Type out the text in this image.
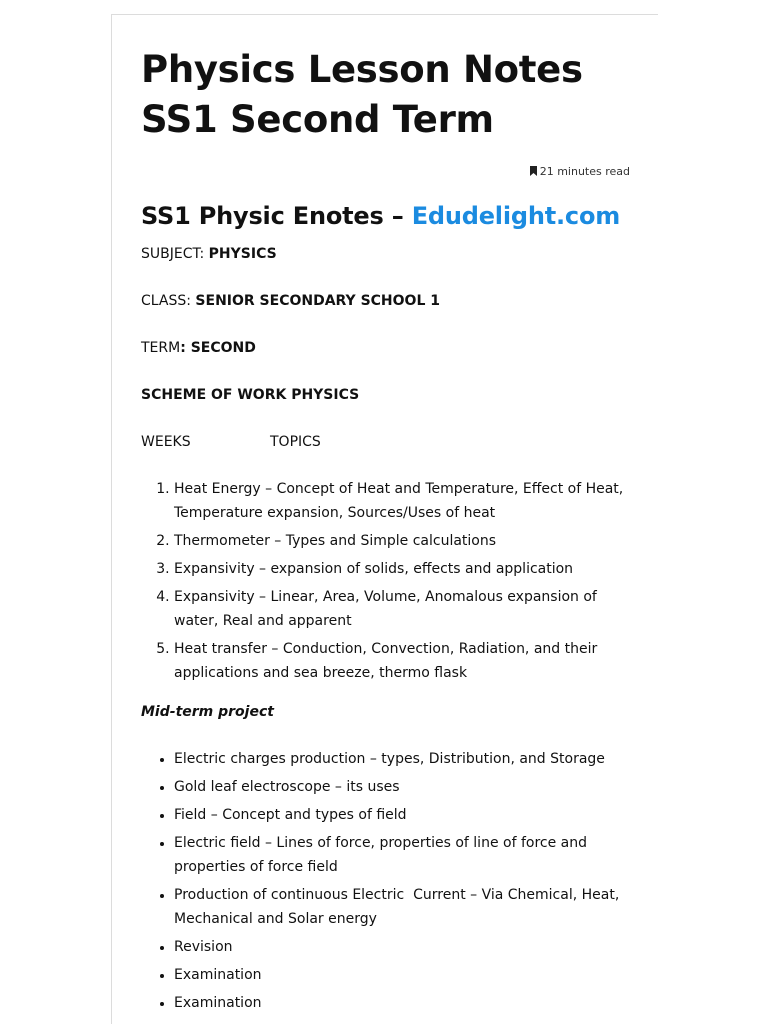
Physics Lesson Notes
SS1 Second Term
21 minutes read
SS1 Physic Enotes – Edudelight.com

SUBJECT: PHYSICS

CLASS: SENIOR SECONDARY SCHOOL 1

TERM: SECOND

SCHEME OF WORK PHYSICS

WEEKS	TOPICS

1. Heat Energy – Concept of Heat and Temperature, Effect of Heat, Temperature expansion, Sources/Uses of heat
2. Thermometer – Types and Simple calculations
3. Expansivity – expansion of solids, effects and application
4. Expansivity – Linear, Area, Volume, Anomalous expansion of water, Real and apparent
5. Heat transfer – Conduction, Convection, Radiation, and their applications and sea breeze, thermo flask

Mid-term project

• Electric charges production – types, Distribution, and Storage
• Gold leaf electroscope – its uses
• Field – Concept and types of field
• Electric field – Lines of force, properties of line of force and properties of force field
• Production of continuous Electric  Current – Via Chemical, Heat, Mechanical and Solar energy
• Revision
• Examination
• Examination
